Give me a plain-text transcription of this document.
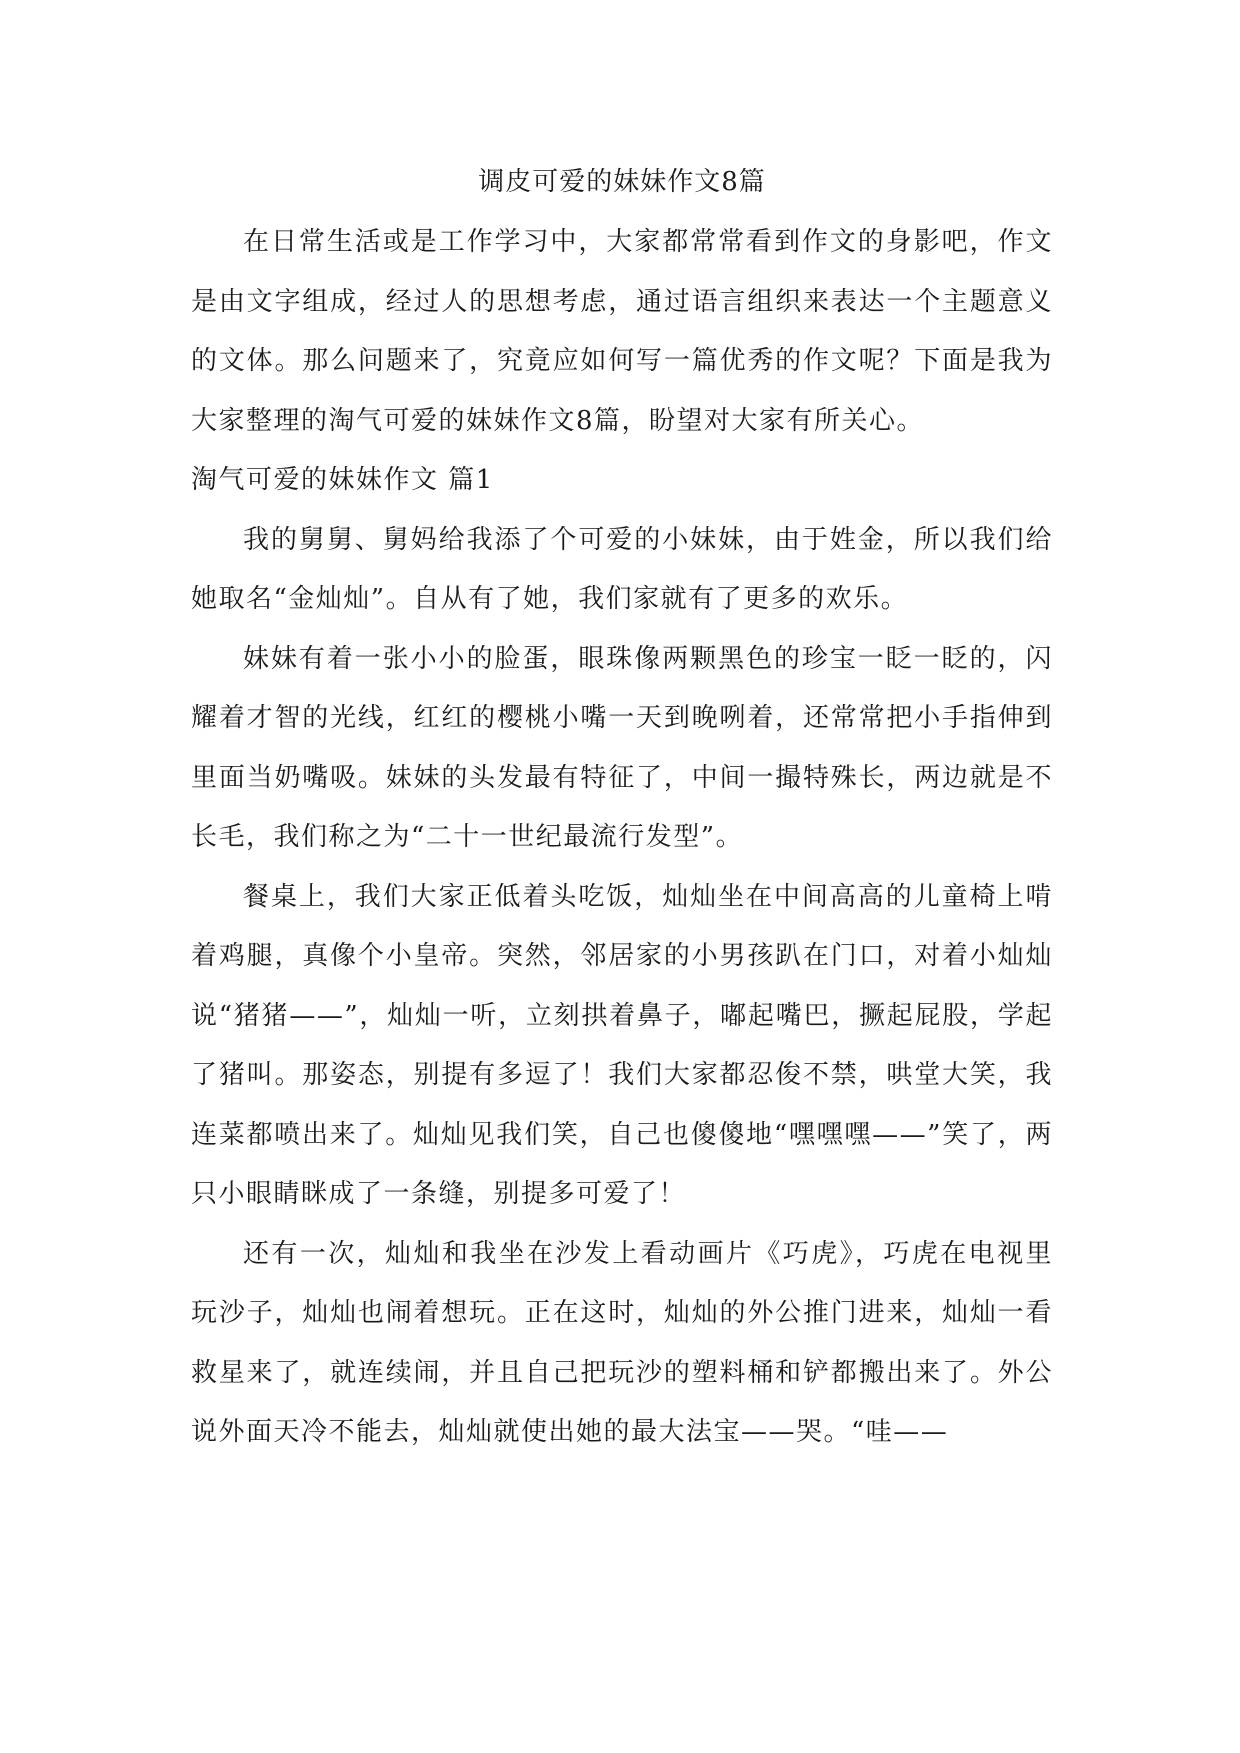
调皮可爱的妹妹作文8篇

在日常生活或是工作学习中，大家都常常看到作文的身影吧，作文是由文字组成，经过人的思想考虑，通过语言组织来表达一个主题意义的文体。那么问题来了，究竟应如何写一篇优秀的作文呢？下面是我为大家整理的淘气可爱的妹妹作文8篇，盼望对大家有所关心。

淘气可爱的妹妹作文 篇1

我的舅舅、舅妈给我添了个可爱的小妹妹，由于姓金，所以我们给她取名“金灿灿”。自从有了她，我们家就有了更多的欢乐。

妹妹有着一张小小的脸蛋，眼珠像两颗黑色的珍宝一眨一眨的，闪耀着才智的光线，红红的樱桃小嘴一天到晚咧着，还常常把小手指伸到里面当奶嘴吸。妹妹的头发最有特征了，中间一撮特殊长，两边就是不长毛，我们称之为“二十一世纪最流行发型”。

餐桌上，我们大家正低着头吃饭，灿灿坐在中间高高的儿童椅上啃着鸡腿，真像个小皇帝。突然，邻居家的小男孩趴在门口，对着小灿灿说“猪猪——”，灿灿一听，立刻拱着鼻子，嘟起嘴巴，撅起屁股，学起了猪叫。那姿态，别提有多逗了！我们大家都忍俊不禁，哄堂大笑，我连菜都喷出来了。灿灿见我们笑，自己也傻傻地“嘿嘿嘿——”笑了，两只小眼睛眯成了一条缝，别提多可爱了！

还有一次，灿灿和我坐在沙发上看动画片《巧虎》，巧虎在电视里玩沙子，灿灿也闹着想玩。正在这时，灿灿的外公推门进来，灿灿一看救星来了，就连续闹，并且自己把玩沙的塑料桶和铲都搬出来了。外公说外面天冷不能去，灿灿就使出她的最大法宝——哭。“哇——
